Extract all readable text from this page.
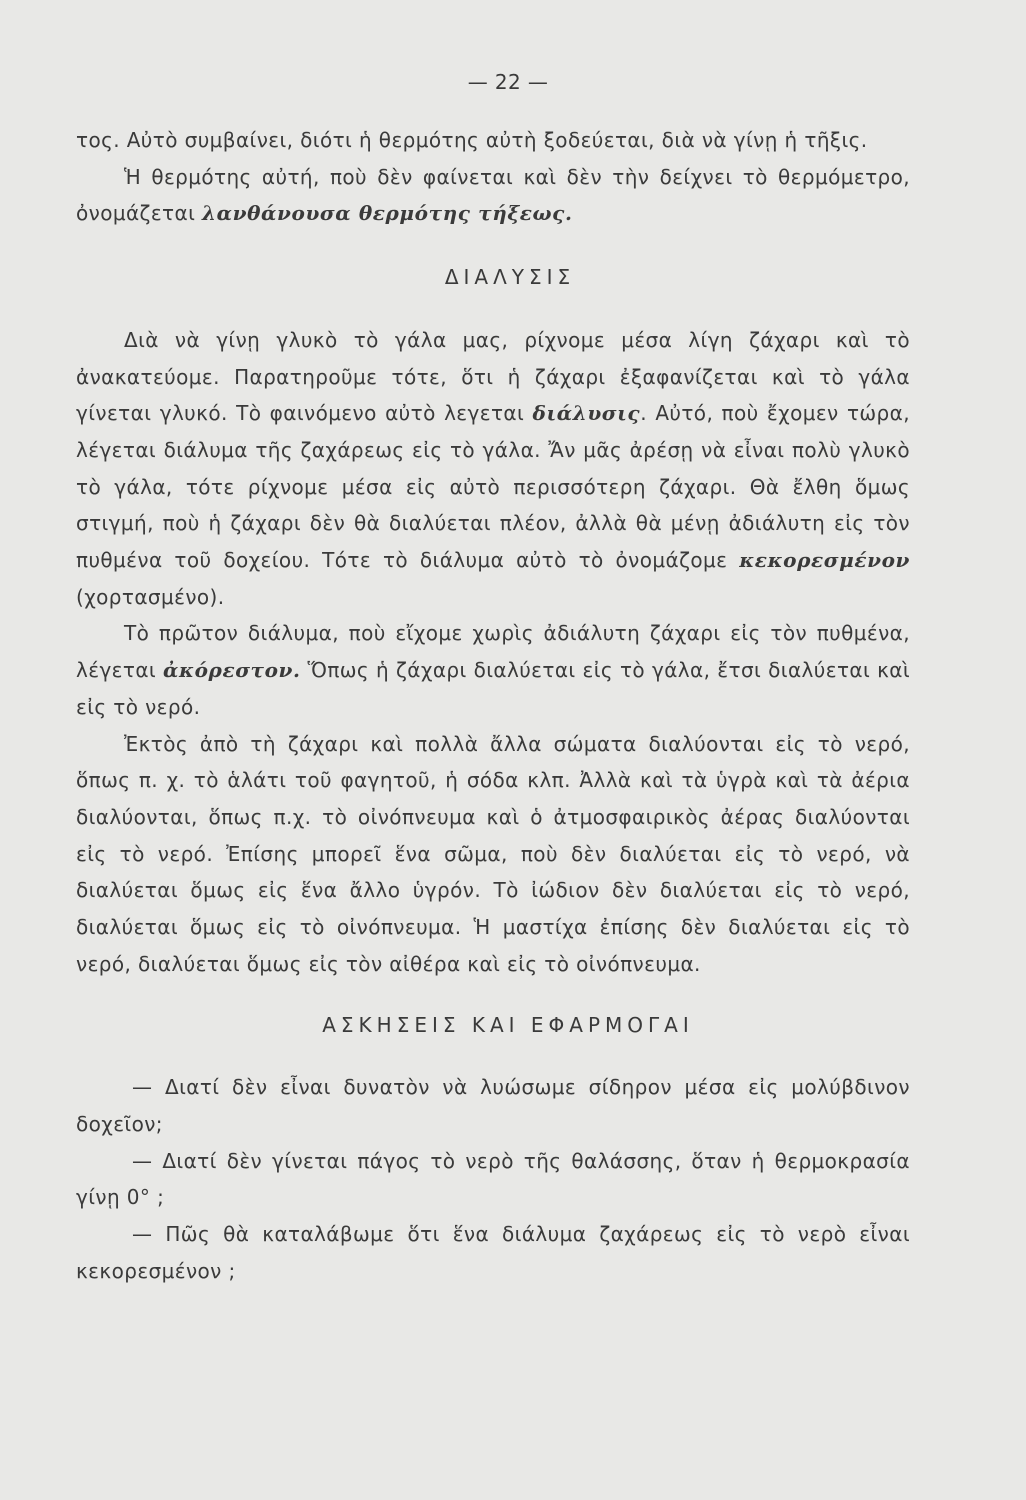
— 22 —

τος. Αὐτὸ συμβαίνει, διότι ἡ θερμότης αὐτὴ ξοδεύεται, διὰ νὰ γίνῃ ἡ τῆξις.

Ἡ θερμότης αὐτή, ποὺ δὲν φαίνεται καὶ δὲν τὴν δείχνει τὸ θερμόμετρο, ὀνομάζεται λανθάνουσα θερμότης τήξεως.

ΔΙΑΛΥΣΙΣ

Διὰ νὰ γίνῃ γλυκὸ τὸ γάλα μας, ρίχνομε μέσα λίγη ζάχαρι καὶ τὸ ἀνακατεύομε. Παρατηροῦμε τότε, ὅτι ἡ ζάχαρι ἐξαφανίζεται καὶ τὸ γάλα γίνεται γλυκό. Τὸ φαινόμενο αὐτὸ λεγεται διάλυσις. Αὐτό, ποὺ ἔχομεν τώρα, λέγεται διάλυμα τῆς ζαχάρεως εἰς τὸ γάλα. Ἄν μᾶς ἀρέσῃ νὰ εἶναι πολὺ γλυκὸ τὸ γάλα, τότε ρίχνομε μέσα εἰς αὐτὸ περισσότερη ζάχαρι. Θὰ ἔλθη ὅμως στιγμή, ποὺ ἡ ζάχαρι δὲν θὰ διαλύεται πλέον, ἀλλὰ θὰ μένῃ ἀδιάλυτη εἰς τὸν πυθμένα τοῦ δοχείου. Τότε τὸ διάλυμα αὐτὸ τὸ ὀνομάζομε κεκορεσμένον (χορτασμένο).

Τὸ πρῶτον διάλυμα, ποὺ εἴχομε χωρὶς ἀδιάλυτη ζάχαρι εἰς τὸν πυθμένα, λέγεται ἀκόρεστον. Ὅπως ἡ ζάχαρι διαλύεται εἰς τὸ γάλα, ἔτσι διαλύεται καὶ εἰς τὸ νερό.

Ἐκτὸς ἀπὸ τὴ ζάχαρι καὶ πολλὰ ἄλλα σώματα διαλύονται εἰς τὸ νερό, ὅπως π. χ. τὸ ἁλάτι τοῦ φαγητοῦ, ἡ σόδα κλπ. Ἀλλὰ καὶ τὰ ὑγρὰ καὶ τὰ ἀέρια διαλύονται, ὅπως π.χ. τὸ οἰνόπνευμα καὶ ὁ ἀτμοσφαιρικὸς ἀέρας διαλύονται εἰς τὸ νερό. Ἐπίσης μπορεῖ ἕνα σῶμα, ποὺ δὲν διαλύεται εἰς τὸ νερό, νὰ διαλύεται ὅμως εἰς ἕνα ἄλλο ὑγρόν. Τὸ ἰώδιον δὲν διαλύεται εἰς τὸ νερό, διαλύεται ὅμως εἰς τὸ οἰνόπνευμα. Ἡ μαστίχα ἐπίσης δὲν διαλύεται εἰς τὸ νερό, διαλύεται ὅμως εἰς τὸν αἰθέρα καὶ εἰς τὸ οἰνόπνευμα.

ΑΣΚΗΣΕΙΣ ΚΑΙ ΕΦΑΡΜΟΓΑΙ

— Διατί δὲν εἶναι δυνατὸν νὰ λυώσωμε σίδηρον μέσα εἰς μολύβδινον δοχεῖον;

— Διατί δὲν γίνεται πάγος τὸ νερὸ τῆς θαλάσσης, ὅταν ἡ θερμοκρασία γίνῃ 0° ;

— Πῶς θὰ καταλάβωμε ὅτι ἕνα διάλυμα ζαχάρεως εἰς τὸ νερὸ εἶναι κεκορεσμένον ;
